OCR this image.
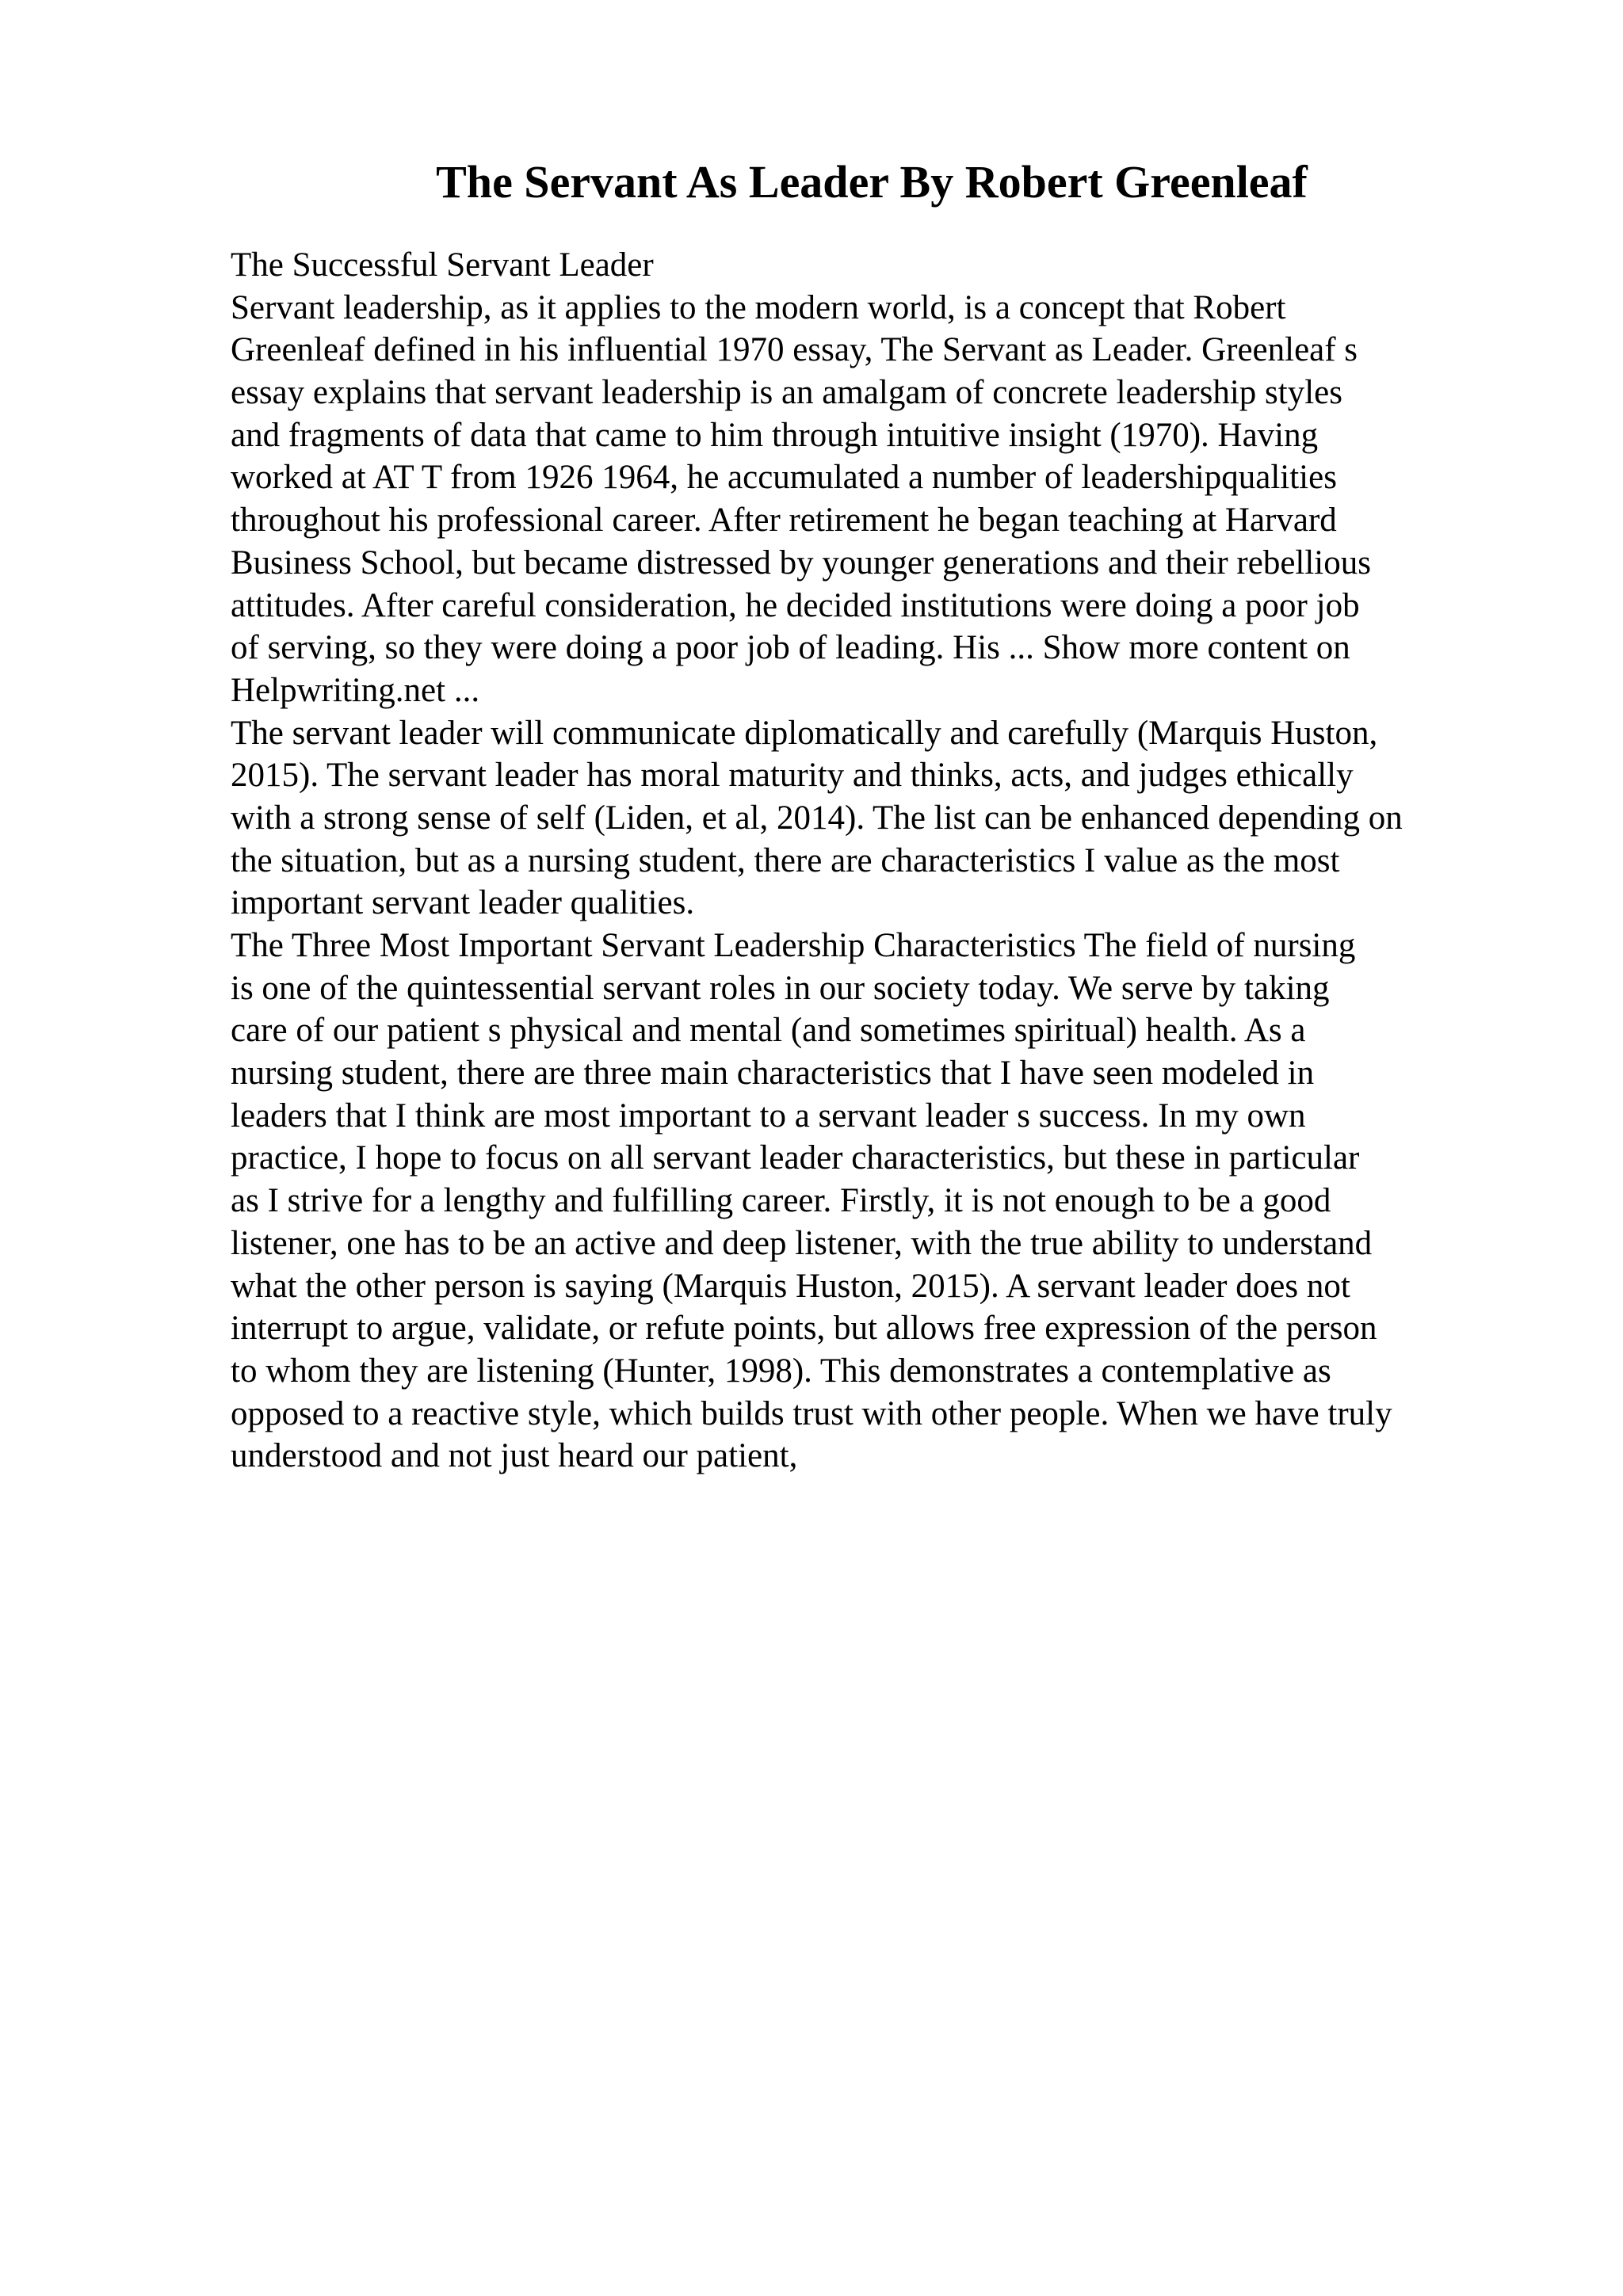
The Servant As Leader By Robert Greenleaf
The Successful Servant Leader
Servant leadership, as it applies to the modern world, is a concept that Robert
Greenleaf defined in his influential 1970 essay, The Servant as Leader. Greenleaf s
essay explains that servant leadership is an amalgam of concrete leadership styles
and fragments of data that came to him through intuitive insight (1970). Having
worked at AT T from 1926 1964, he accumulated a number of leadershipqualities
throughout his professional career. After retirement he began teaching at Harvard
Business School, but became distressed by younger generations and their rebellious
attitudes. After careful consideration, he decided institutions were doing a poor job
of serving, so they were doing a poor job of leading. His ... Show more content on
Helpwriting.net ...
The servant leader will communicate diplomatically and carefully (Marquis Huston,
2015). The servant leader has moral maturity and thinks, acts, and judges ethically
with a strong sense of self (Liden, et al, 2014). The list can be enhanced depending on
the situation, but as a nursing student, there are characteristics I value as the most
important servant leader qualities.
The Three Most Important Servant Leadership Characteristics The field of nursing
is one of the quintessential servant roles in our society today. We serve by taking
care of our patient s physical and mental (and sometimes spiritual) health. As a
nursing student, there are three main characteristics that I have seen modeled in
leaders that I think are most important to a servant leader s success. In my own
practice, I hope to focus on all servant leader characteristics, but these in particular
as I strive for a lengthy and fulfilling career. Firstly, it is not enough to be a good
listener, one has to be an active and deep listener, with the true ability to understand
what the other person is saying (Marquis Huston, 2015). A servant leader does not
interrupt to argue, validate, or refute points, but allows free expression of the person
to whom they are listening (Hunter, 1998). This demonstrates a contemplative as
opposed to a reactive style, which builds trust with other people. When we have truly
understood and not just heard our patient,
